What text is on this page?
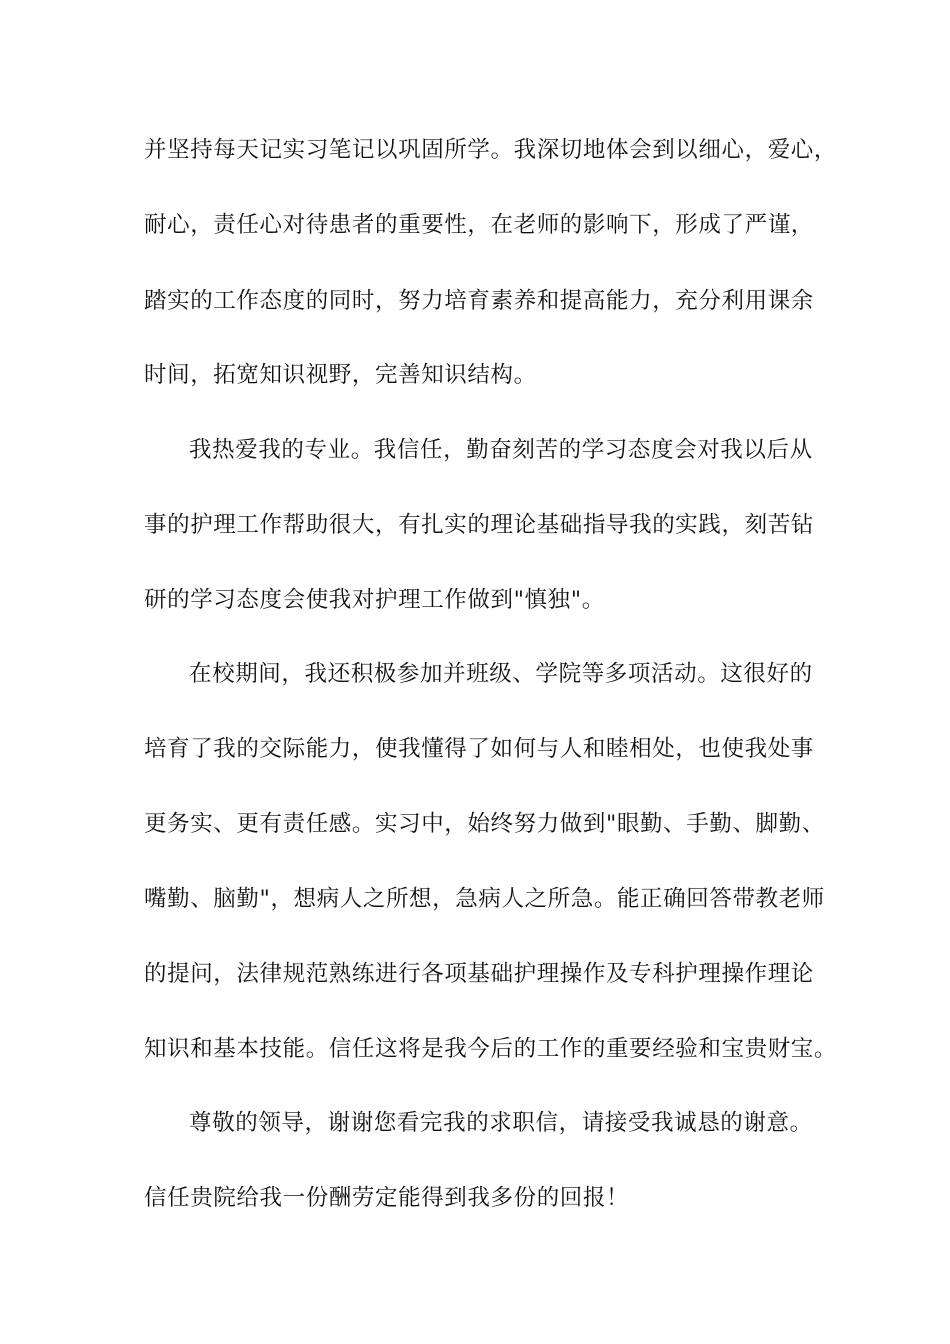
并坚持每天记实习笔记以巩固所学。我深切地体会到以细心，爱心，
耐心，责任心对待患者的重要性，在老师的影响下，形成了严谨，
踏实的工作态度的同时，努力培育素养和提高能力，充分利用课余
时间，拓宽知识视野，完善知识结构。
我热爱我的专业。我信任，勤奋刻苦的学习态度会对我以后从
事的护理工作帮助很大，有扎实的理论基础指导我的实践，刻苦钻
研的学习态度会使我对护理工作做到"慎独"。
在校期间，我还积极参加并班级、学院等多项活动。这很好的
培育了我的交际能力，使我懂得了如何与人和睦相处，也使我处事
更务实、更有责任感。实习中，始终努力做到"眼勤、手勤、脚勤、
嘴勤、脑勤"，想病人之所想，急病人之所急。能正确回答带教老师
的提问，法律规范熟练进行各项基础护理操作及专科护理操作理论
知识和基本技能。信任这将是我今后的工作的重要经验和宝贵财宝。
尊敬的领导，谢谢您看完我的求职信，请接受我诚恳的谢意。
信任贵院给我一份酬劳定能得到我多份的回报！
